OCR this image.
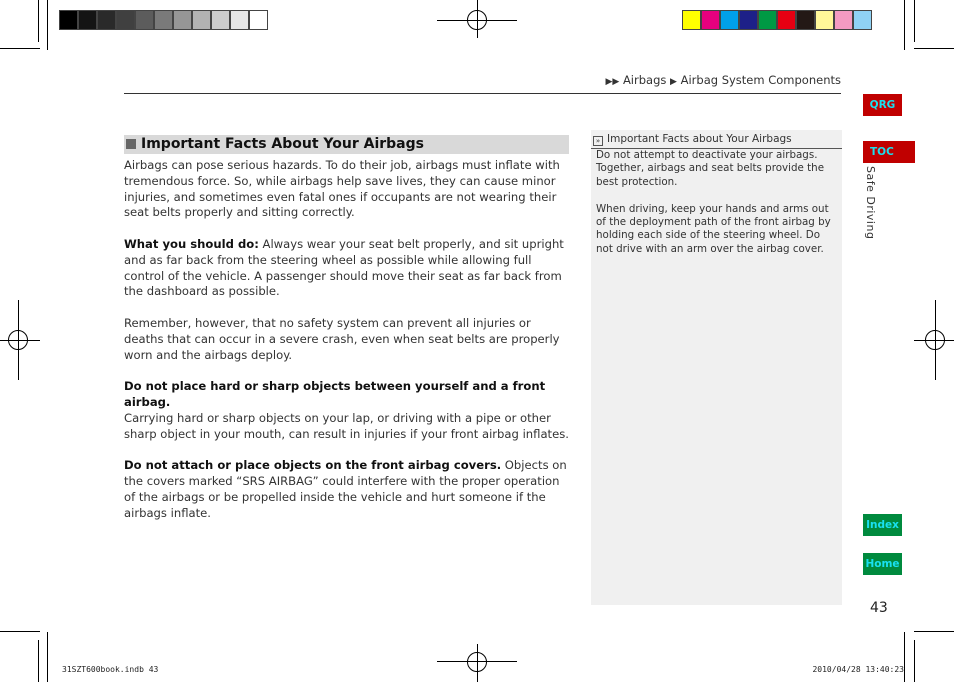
▶▶ Airbags ▶ Airbag System Components
Important Facts About Your Airbags

Airbags can pose serious hazards. To do their job, airbags must inflate with tremendous force. So, while airbags help save lives, they can cause minor injuries, and sometimes even fatal ones if occupants are not wearing their seat belts properly and sitting correctly.

What you should do: Always wear your seat belt properly, and sit upright and as far back from the steering wheel as possible while allowing full control of the vehicle. A passenger should move their seat as far back from the dashboard as possible.

Remember, however, that no safety system can prevent all injuries or deaths that can occur in a severe crash, even when seat belts are properly worn and the airbags deploy.

Do not place hard or sharp objects between yourself and a front airbag.
Carrying hard or sharp objects on your lap, or driving with a pipe or other sharp object in your mouth, can result in injuries if your front airbag inflates.

Do not attach or place objects on the front airbag covers. Objects on the covers marked “SRS AIRBAG” could interfere with the proper operation of the airbags or be propelled inside the vehicle and hurt someone if the airbags inflate.

» Important Facts about Your Airbags

Do not attempt to deactivate your airbags. Together, airbags and seat belts provide the best protection.

When driving, keep your hands and arms out of the deployment path of the front airbag by holding each side of the steering wheel. Do not drive with an arm over the airbag cover.

QRG
TOC
Safe Driving
Index
Home
43
31SZT600book.indb 43	2010/04/28 13:40:23
